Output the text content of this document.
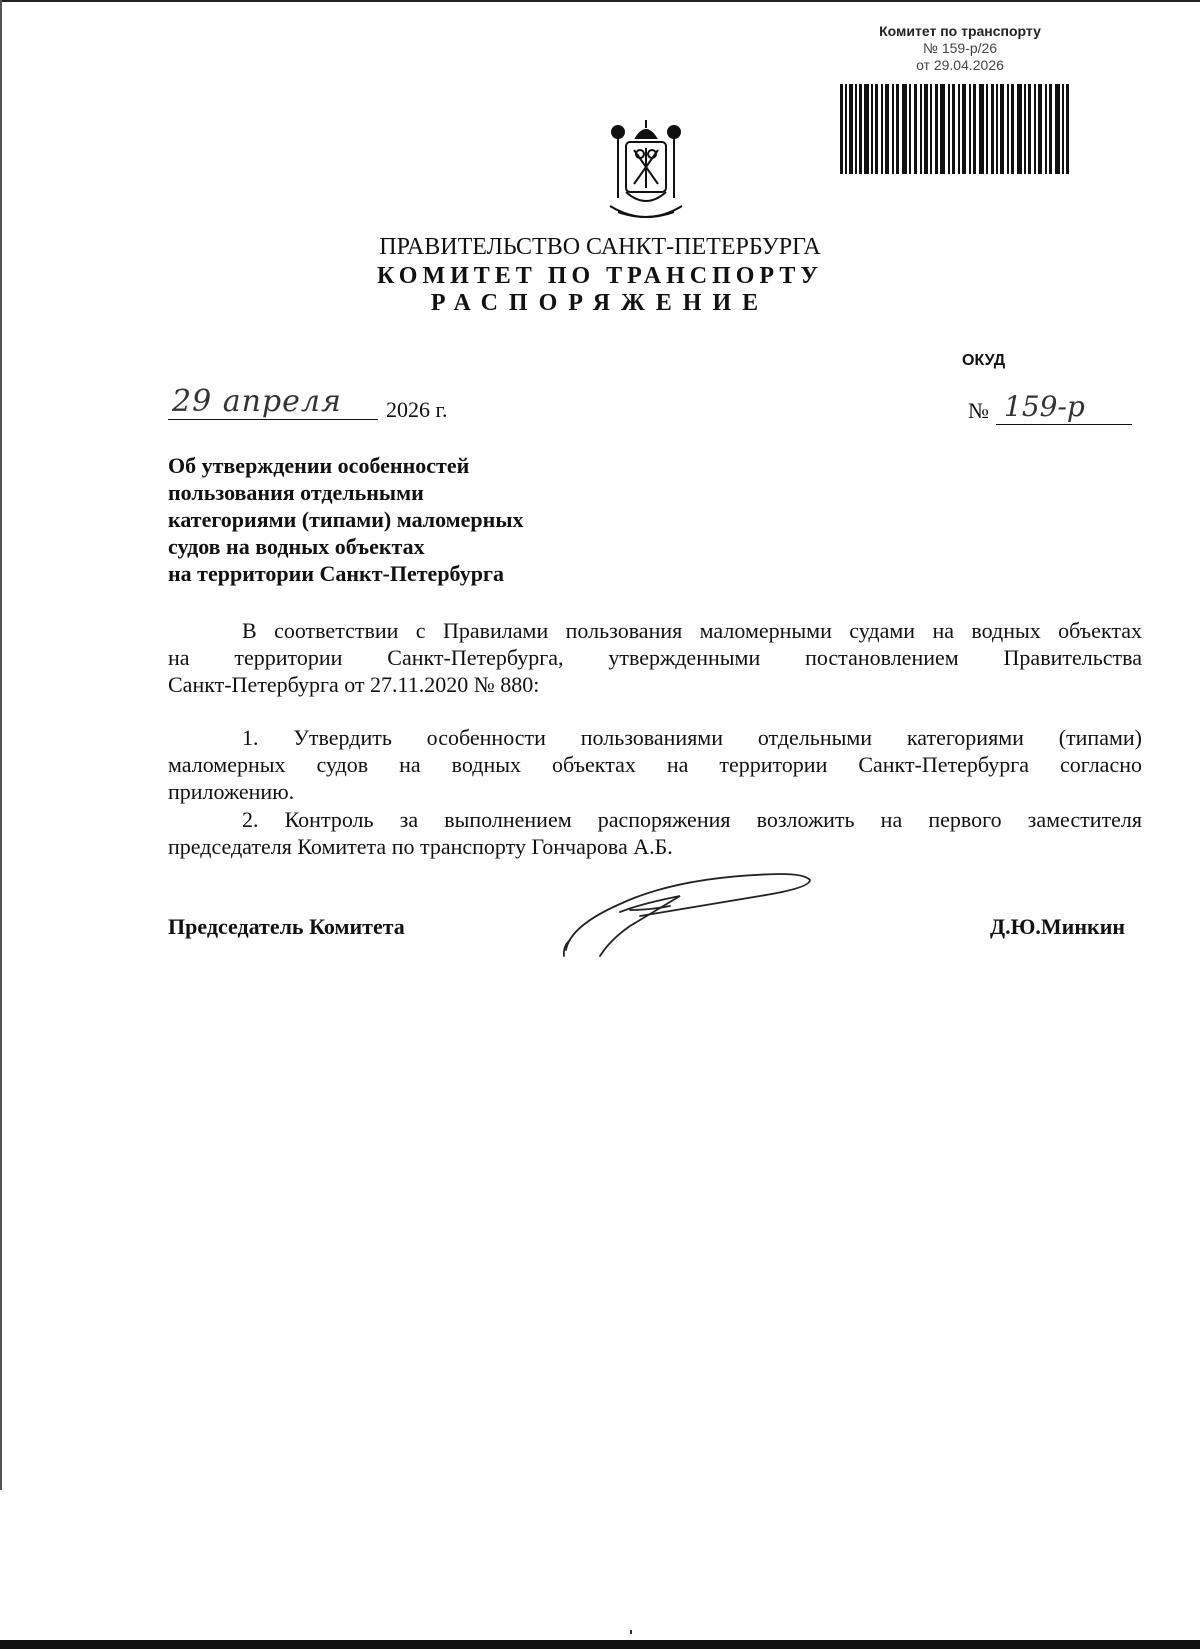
Комитет по транспорту
№ 159-р/26
от 29.04.2026
ПРАВИТЕЛЬСТВО САНКТ-ПЕТЕРБУРГА
КОМИТЕТ ПО ТРАНСПОРТУ
РАСПОРЯЖЕНИЕ
ОКУД
29 апреля 2026 г.	№ 159-р
Об утверждении особенностей
пользования отдельными
категориями (типами) маломерных
судов на водных объектах
на территории Санкт-Петербурга
В соответствии с Правилами пользования маломерными судами на водных объектах
на территории Санкт-Петербурга, утвержденными постановлением Правительства
Санкт-Петербурга от 27.11.2020 № 880:
1. Утвердить особенности пользованиями отдельными категориями (типами)
маломерных судов на водных объектах на территории Санкт-Петербурга согласно
приложению.
2. Контроль за выполнением распоряжения возложить на первого заместителя
председателя Комитета по транспорту Гончарова А.Б.
Председатель Комитета	Д.Ю.Минкин
